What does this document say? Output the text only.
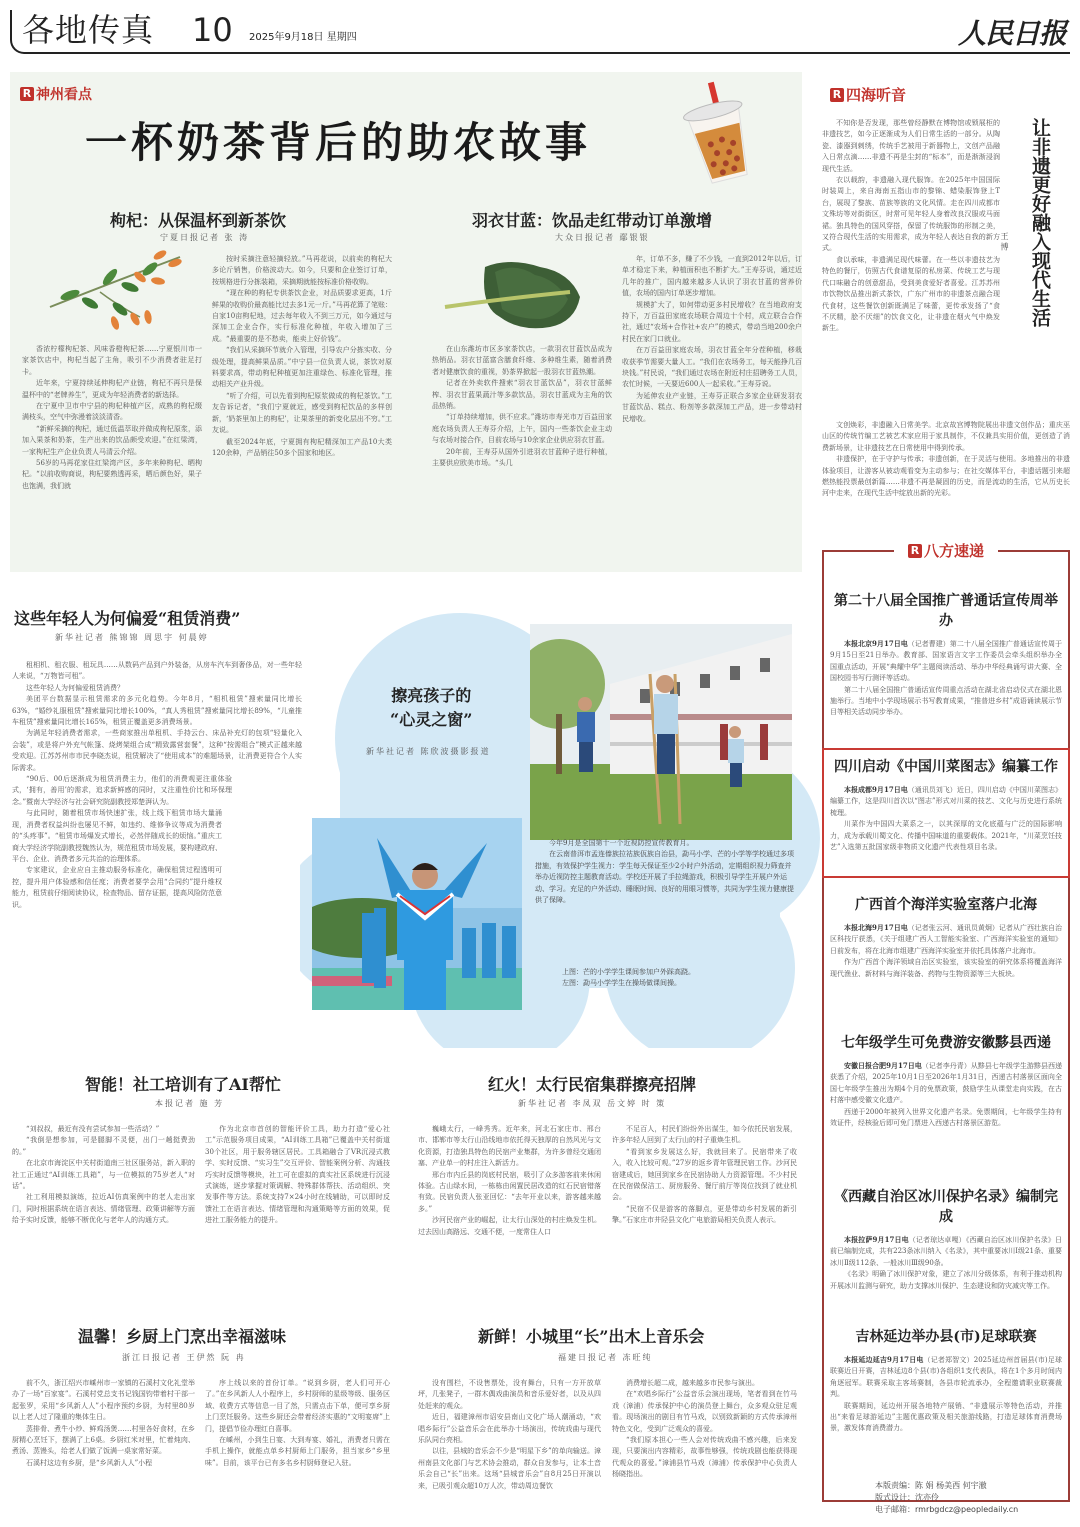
各地传真 10 2025年9月18日 星期四	人民日报
R 神州看点
一杯奶茶背后的助农故事
枸杞：从保温杯到新茶饮
宁夏日报记者 张 涛

香浓柠檬枸杞茶、风味香橙枸杞茶……宁夏银川市一家茶饮店中，枸杞当起了主角，吸引不少消费者驻足打卡。

近年来，宁夏持续延伸枸杞产业链，枸杞不再只是保温杯中的“老牌养生”，更成为年轻消费者的新选择。

在宁夏中卫市中宁县的枸杞种植产区，成熟的枸杞缀满枝头，空气中弥漫着淡淡清香。

“新鲜采摘的枸杞，通过低温萃取并做成枸杞原浆，添加入果茶和奶茶，生产出来的饮品颇受欢迎。”在红梁湾，一家枸杞生产企业负责人马清云介绍。

56岁的马再花家住红梁湾产区，多年来种枸杞、晒枸杞。“以前收购商说，枸杞要熟透再采，晒后颜色好，果子也饱满，我们就

按时采摘注意轻摘轻放。”马再花说，以前卖的枸杞大多论斤销售，价格波动大。如今，只要和企业签订订单，按规格进行分拣装箱，采摘期就能按标准价格收购。

“现在种的枸杞专供茶饮企业，对品质要求更高，1斤鲜果的收购价最高能比过去多1元一斤。”马再花算了笔账：自家10亩枸杞地，过去每年收入不到三万元，如今通过与深加工企业合作，实行标准化种植，年收入增加了三成。“最重要的是不愁卖，能卖上好价钱”。

“我们从采摘环节就介入管理，引导农户分拣实收、分级处理，提高鲜果品质。”中宁县一位负责人说，茶饮对原料要求高，带动枸杞种植更加注重绿色、标准化管理，推动相关产业升级。

“听了介绍，可以先看到枸杞原浆做成的枸杞茶饮。”工友告诉记者，“我们宁夏就近，感受到枸杞饮品的多样创新，‘奶茶里加上的枸杞’，让果茶里的新变化层出不穷。”工友说。

截至2024年底，宁夏拥有枸杞精深加工产品10大类120余种，产品销往50多个国家和地区。

羽衣甘蓝：饮品走红带动订单激增
大众日报记者 鄢银银

在山东潍坊市区多家茶饮店，一款羽衣甘蓝饮品成为热销品。羽衣甘蓝富含膳食纤维、多种维生素，随着消费者对健康饮食的重视，奶茶界掀起一股羽衣甘蓝热潮。

记者在外卖软件搜索“羽衣甘蓝饮品”，羽衣甘蓝鲜榨、羽衣甘蓝果蔬汁等多款饮品，羽衣甘蓝成为主角的饮品热销。

“订单持续增加，供不应求。”潍坊市寿光市万百益田家庭农场负责人王寿芬介绍，上午，国内一些茶饮企业主动与农场对接合作，目前农场与10余家企业供应羽衣甘蓝。

20年前，王寿芬从国外引进羽衣甘蓝种子进行种植，主要供应欧美市场。“头几

年，订单不多，赚了不少钱，一直到2012年以后，订单才稳定下来，种植面积也不断扩大。”王寿芬说，通过近几年的推广，国内越来越多人认识了羽衣甘蓝的营养价值，农场的国内订单逐步增加。

规模扩大了，如何带动更多村民增收？在当地政府支持下，万百益田家庭农场联合周边十个村，成立联合合作社，通过“农场+合作社+农户”的模式，带动当地200余户村民在家门口就业。

在万百益田家庭农场，羽衣甘蓝全年分茬种植，移栽收获季节需要大量人工。“我们在农场务工，每天能挣几百块钱。”村民说，“我们通过农场在附近村庄招聘务工人员，农忙时候，一天要近600人一起采收。”王寿芬说。

为延伸农业产业链，王寿芬正联合多家企业研发羽衣甘蓝饮品、糕点、粉剂等多款深加工产品，进一步带动村民增收。

R 四海听音
让非遗更好融入现代生活
王 博

不知你是否发现，那些曾经静默在博物馆或锁展柜的非遗技艺，如今正逐渐成为人们日常生活的一部分。从陶瓷、漆器到刺绣，传统手艺被用于新器物上，文创产品融入日常点滴……非遗不再是尘封的“标本”，而是渐渐浸润现代生活。

衣以载韵，非遗融入现代服饰。在2025年中国国际时装周上，来自海南五指山市的黎锦、蜡染服饰登上T台，展现了黎族、苗族等族的文化风情。走在四川成都市文殊坊等对街街区，时常可见年轻人身着改良汉服或马面裙。独具特色的国风穿搭，保留了传统服饰的形制之美，又符合现代生活的实用需求，成为年轻人表达自我的新方式。

食以承味，非遗满足现代味蕾。在一些以非遗技艺为特色的餐厅，仿照古代食谱复原的私房菜、传统工艺与现代口味融合的创意甜品，受到美食爱好者喜爱。江苏苏州市饮物饮品推出新式茶饮，广东广州市的非遗茶点融合现代食材，这些餐饮创新既满足了味蕾，更传承发扬了“食不厌精，脍不厌细”的饮食文化，让非遗在烟火气中焕发新生。

文创焕彩，非遗融入日常美学。北京故宫博物院展出非遗文创作品；重庆巫山区的传统竹编工艺被艺术家应用于家具制作，不仅兼具实用价值，更创造了消费新场景，让非遗技艺在日常使用中得到传承。

非遗保护，在于守护与传承；非遗创新，在于灵活与使用。多地推出的非遗体验项目，让游客从被动观看变为主动参与；在社交媒体平台，非遗话题引来超燃热能投票最创新篇……非遗不再是凝固的历史，而是流动的生活，它从历史长河中走来，在现代生活中绽放出新的光彩。

R 八方速递
第二十八届全国推广普通话宣传周举办

本报北京9月17日电（记者曹建）第二十八届全国推广普通话宣传周于9月15日至21日举办。教育部、国家语言文字工作委员会牵头组织举办全国重点活动，开展“典耀中华”主题阅读活动、举办中华经典诵写讲大赛、全国校园书写行测评等活动。

第二十八届全国推广普通话宣传周重点活动在湖北省启动仪式在湖北恩施举行。当地中小学现场展示书写教育成果，“推普进乡村”成语诵读展示节目等相关活动同步举办。

四川启动《中国川菜图志》编纂工作

本报成都9月17日电（通讯员刘飞）近日，四川启动《中国川菜图志》编纂工作，这是四川首次以“图志”形式对川菜的技艺、文化与历史进行系统梳理。

川菜作为中国四大菜系之一，以其深厚的文化底蕴与广泛的国际影响力，成为承载川蜀文化、传播中国味道的重要载体。2021年，“川菜烹饪技艺”入选第五批国家级非物质文化遗产代表性项目名录。

广西首个海洋实验室落户北海

本报北海9月17日电（记者张云河、通讯员黄炯）记者从广西壮族自治区科技厅获悉，《关于组建广西人工智能实验室、广西海洋实验室的通知》日前发布，将在北海市组建广西海洋实验室并依托具体落户北海市。

作为广西首个海洋领域自治区实验室，该实验室的研究体系将覆盖海洋现代渔业、新材料与海洋装备、药物与生物资源等三大板块。

七年级学生可免费游安徽黟县西递

安徽日报合肥9月17日电（记者李丹青）从黟县七年级学生游黟县西递获悉了介绍，2025年10月1日至2026年1月31日，西递古村落景区面向全国七年级学生推出为期4个月的免票政策，鼓励学生从课堂走向实践，在古村落中感受徽文化遗产。

西递于2000年被列入世界文化遗产名录。免票期间，七年级学生持有效证件，经核验后即可免门票进入西递古村落景区游览。

《西藏自治区冰川保护名录》编制完成

本报拉萨9月17日电（记者琼达卓嘎）《西藏自治区冰川保护名录》日前已编制完成，共有223条冰川纳入《名录》，其中重要冰川Ⅰ级21条、重要冰川Ⅱ级112条、一般冰川Ⅲ级90条。

《名录》明确了冰川保护对象，建立了冰川分级体系，有利于推动机构开展冰川监测与研究，助力支撑冰川保护、生态建设和防灾减灾等工作。

吉林延边举办县(市)足球联赛

本报延边延吉9月17日电（记者郑智文）2025延边州首届县(市)足球联赛近日开赛，吉林延边8个县(市)各组织1支代表队，将在1个多月时间内角逐冠军。联赛采取主客场赛制，各县市轮流承办，全程邀请职业联赛裁判。

联赛期间，延边州开展各地特产展销、“非遗展示等特色活动，并推出“来看足球游延边”主题优惠政策及相关旅游线路，打造足球体育消费场景，激发体育消费潜力。

本版责编：陈 娟 杨美西 何宇澈
版式设计：沈亦伶
电子邮箱：rmrbgdcz@peopledaily.cn
这些年轻人为何偏爱“租赁消费”
新华社记者 熊锦锦 周思宇 何晨婷

租相机、租衣服、租玩具……从数码产品到户外装备，从房车汽车到奢侈品，对一些年轻人来说，“万物皆可租”。

这些年轻人为何偏爱租赁消费？

美团平台数据显示租赁需求的多元化趋势。今年8月，“相机租赁”搜索量同比增长63%，“婚纱礼服租赁”搜索量同比增长100%，“真人秀租赁”搜索量同比增长89%，“儿童推车租赁”搜索量同比增长165%，租赁正覆盖更多消费场景。

为满足年轻消费者需求，一些商家推出单租机、手持云台、床品补充灯的包项“轻量化入会装”，或是将户外充气帐篷、烧烤架组合成“精致露营套餐”，这种“按需组合”模式正越来越受欢迎。江苏苏州市市民李晓杰说，租赁解决了“使用成本”的难题场景，让消费更符合个人实际需求。

“90后、00后逐渐成为租赁消费主力，他们的消费观更注重体验式，‘拥有，善用’的需求，追求新鲜感的同时，又注重性价比和环保理念。”暨南大学经济与社会研究院副教授郑楚湃认为。

与此同时，随着租赁市场快速扩张，线上线下租赁市场大量涌现，消费者权益纠纷也屡见不鲜，如违约、维修争议等成为消费者的“头疼事”。“租赁市场爆发式增长，必然伴随成长的烦恼。”重庆工商大学经济学院副教授魏然认为，规范租赁市场发展，要构建政府、平台、企业、消费者多元共治的治理体系。

专家建议，企业应自主推动服务标准化，确保租赁过程透明可控，提升用户体验感和信任度；消费者要学会用“合同约”提升维权能力，租赁前仔细阅读协议，检查物品、留存证据，提高风险防范意识。

擦亮孩子的
“心灵之窗”
新华社记者 陈欣波摄影报道

今年9月是全国第十一个近视防控宣传教育月。

在云南普洱市孟连傣族拉祜族佤族自治县，勐马小学、芒的小学等学校通过多项措施，有效保护学生视力：学生每天保证至少2小时户外活动，定期组织视力筛查并举办近视防控主题教育活动。学校还开展了手拉绳游戏，积极引导学生开展户外运动、学习。充足的户外活动、睡眠时间、良好的用眼习惯等，共同为学生视力健康提供了保障。

上图：芒的小学学生课间参加户外踩高跷。
左图：勐马小学学生在操场做课间操。
智能！社工培训有了AI帮忙
本报记者 施 芳

“刘叔叔，最近有没有尝试参加一些活动？”

“我倒是想参加，可是腿脚不灵便，出门一趟挺费劲的。”

在北京市海淀区中关村街道南三社区服务站，新入职的社工正通过“AI训练工具箱”，与一位模拟的75岁老人“对话”。

社工利用模拟演练，拉近AI仿真案例中的老人走出家门，同时根据系统在语言表达、情绪管理、政策讲解等方面给予实时反馈，能够不断优化与老年人的沟通方式。

作为北京市首创的智能评价工具，助力打造“爱心社工”示范服务项目成果，“AI训练工具箱”已覆盖中关村街道30个社区，用于服务辖区居民。工具箱融合了VR沉浸式教学、实时反馈、“实习生”交互评价、智能案例分析、沟通技巧实时反馈等模块，社工可在虚拟的真实社区系统进行沉浸式演练，逐步掌握对策调解、特殊群体帮扶、活动组织、突发事件等方法。系统支持7×24小时在线辅助，可以即时反馈社工在语言表达、情绪管理和沟通策略等方面的效果，促进社工服务能力的提升。

红火！太行民宿集群擦亮招牌
新华社记者 李凤双 岳文婷 时 策

巍峨太行，一峰秀秀。近年来，河北石家庄市、邢台市、邯郸市等太行山沿线地市依托得天独厚的自然风光与文化资源，打造独具特色的民宿产业集群，为许多曾经交通闭塞、产业单一的村庄注入新活力。

邢台市内丘县的岗底村民宿，吸引了众多游客前来休闲体验。古山绿水间，一栋栋由闲置民居改造的红石民宿错落有致。民宿负责人张亚回忆：“去年开业以来，游客越来越多。”

沙河民宿产业的崛起，让太行山深处的村庄焕发生机。过去因山高路远、交通不便，一度常住人口

不足百人，村民们纷纷外出谋生，如今依托民宿发展，许多年轻人回到了太行山的村子重焕生机。

“看到家乡发展这么好，我就回来了。民宿带来了收入，收入比较可观。”27岁的返乡青年管理民宿工作。沙河民宿建成后，她回到家乡在民宿协助人力资源管理。不少村民在民宿做保洁工、厨房服务、餐厅前厅等岗位找到了就业机会。

“民宿不仅是游客的落脚点，更是带动乡村发展的新引擎。”石家庄市井陉县文化广电旅游局相关负责人表示。

温馨！乡厨上门烹出幸福滋味
浙江日报记者 王伊然 阮 冉

前不久，浙江绍兴市嵊州市一家镇的石溪村文化礼堂举办了一场“百家宴”。石溪村党总支书记钱国钧带着村干部一起张罗，采用“乡风新人人”小程序预约乡厨，为村里80岁以上老人过了隆重的集体生日。

蒸排骨、煮牛小炒、鲜鸡汤煲……村里各好食材，在乡厨精心烹饪下，摆满了上6桌。乡厨红米对里，忙着炖肉、煮汤、蒸馒头，给老人们做了饭满一桌家常好菜。

石溪村这边有乡厨，是“乡风新人人”小程

序上线以来的首份订单。“说到乡厨，老人们可开心了。”在乡风新人人小程序上，乡村厨师的星级等级、服务区域、收费方式等信息一目了然，只需点击下单，便可享乡厨上门烹饪服务。这些乡厨还会带着经济实惠的“文明宴席”上门，提倡节俭办理红白喜事。

在嵊州，小到生日宴、大到寿宴、婚礼，消费者只需在手机上操作，就能点单乡村厨师上门服务，担当家乡“乡里味”。目前，该平台已有多名乡村厨师登记入驻。

新鲜！小城里“长”出木上音乐会
福建日报记者 冻旺纯

没有围栏，不设售票处，没有舞台，只有一方开放草坪，几张凳子，一群木偶戏曲演员和音乐爱好者，以及从四处赶来的观众。

近日，福建漳州市诏安县南山文化广场人潮涌动，“欢唱乡际行”公益音乐会在此举办十场演出，传统戏曲与现代乐队同台亮相。

以往，县城的音乐会不少是“明星下乡”的单向输送。漳州南县文化部门与艺术协会推动，群众自发参与，让本土音乐会自己“长”出来。这场“县城音乐会”自8月25日开演以来，已吸引观众超10万人次，带动周边餐饮

消费增长超二成，越来越多市民参与演出。

在“欢唱乡际行”公益音乐会演出现场，笔者看到在竹马戏（漳浦）传承保护中心的演员登上舞台，众多观众驻足观看。现场演出的剧目有竹马戏，以别致新颖的方式传承漳州特色文化，受到广泛观众的喜爱。

“我们原本担心一些人会对传统戏曲不感兴趣，后来发现，只要演出内容精彩，故事性够强，传统戏剧也能获得现代观众的喜爱。”漳浦县竹马戏（漳浦）传承保护中心负责人杨晓指出。
